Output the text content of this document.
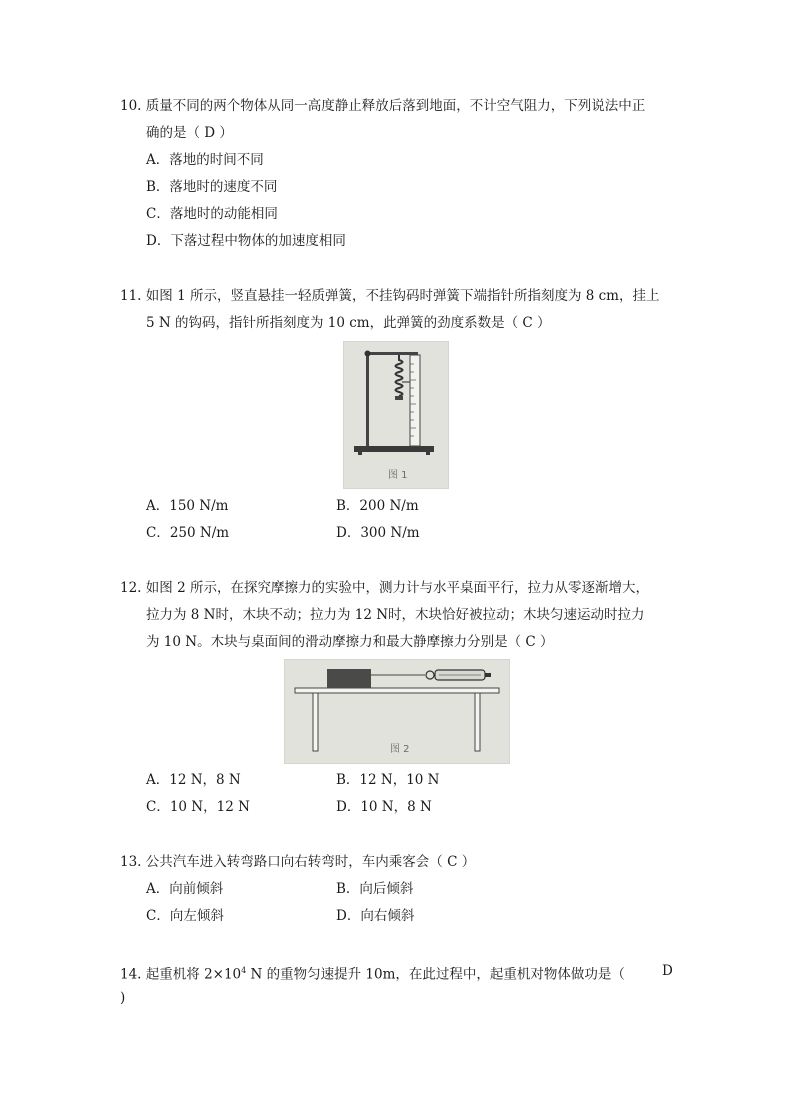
10. 质量不同的两个物体从同一高度静止释放后落到地面，不计空气阻力，下列说法中正
确的是（ D ）
A．落地的时间不同
B．落地时的速度不同
C．落地时的动能相同
D．下落过程中物体的加速度相同
11. 如图 1 所示，竖直悬挂一轻质弹簧，不挂钩码时弹簧下端指针所指刻度为 8 cm，挂上
5 N 的钩码，指针所指刻度为 10 cm，此弹簧的劲度系数是（ C ）
图 1
A．150 N/m	B．200 N/m
C．250 N/m	D．300 N/m
12. 如图 2 所示，在探究摩擦力的实验中，测力计与水平桌面平行，拉力从零逐渐增大，
拉力为 8 N时，木块不动；拉力为 12 N时，木块恰好被拉动；木块匀速运动时拉力
为 10 N。木块与桌面间的滑动摩擦力和最大静摩擦力分别是（ C ）
图 2
A．12 N，8 N	B．12 N，10 N
C．10 N，12 N	D．10 N，8 N
13. 公共汽车进入转弯路口向右转弯时，车内乘客会（ C ）
A．向前倾斜	B．向后倾斜
C．向左倾斜	D．向右倾斜
14. 起重机将 $2\times 10^4$ N 的重物匀速提升 10m，在此过程中，起重机对物体做功是（	D
)
